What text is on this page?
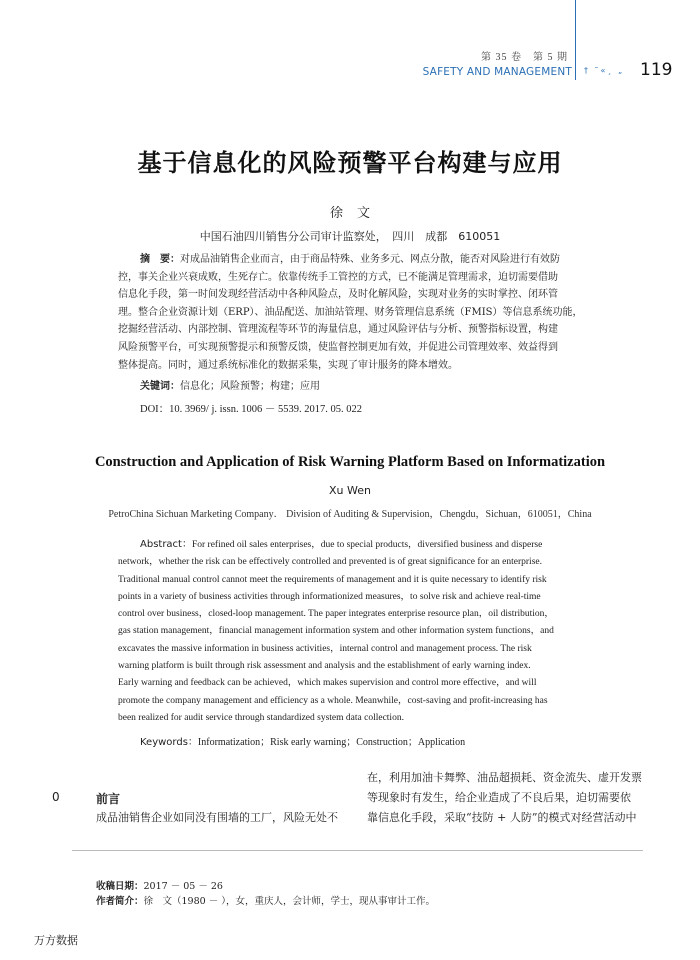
第 35 卷　第 5 期
SAFETY AND MANAGEMENT † ˜«¸ „ 119
基于信息化的风险预警平台构建与应用
徐文
中国石油四川销售分公司审计监察处，　四川　成都　610051
摘　要：对成品油销售企业而言，由于商品特殊、业务多元、网点分散，能否对风险进行有效防
控，事关企业兴衰成败，生死存亡。依靠传统手工管控的方式，已不能满足管理需求，迫切需要借助
信息化手段，第一时间发现经营活动中各种风险点，及时化解风险，实现对业务的实时掌控、闭环管
理。整合企业资源计划（ERP）、油品配送、加油站管理、财务管理信息系统（FMIS）等信息系统功能，
挖掘经营活动、内部控制、管理流程等环节的海量信息，通过风险评估与分析、预警指标设置，构建
风险预警平台，可实现预警提示和预警反馈，使监督控制更加有效，并促进公司管理效率、效益得到
整体提高。同时，通过系统标准化的数据采集，实现了审计服务的降本增效。
关键词：信息化；风险预警；构建；应用
DOI：10. 3969/ j. issn. 1006 － 5539. 2017. 05. 022
Construction and Application of Risk Warning Platform Based on Informatization
Xu Wen
PetroChina Sichuan Marketing Company． Division of Auditing & Supervision，Chengdu，Sichuan，610051，China
Abstract：For refined oil sales enterprises，due to special products，diversified business and disperse
network，whether the risk can be effectively controlled and prevented is of great significance for an enterprise.
Traditional manual control cannot meet the requirements of management and it is quite necessary to identify risk
points in a variety of business activities through informationized measures，to solve risk and achieve real-time
control over business，closed-loop management. The paper integrates enterprise resource plan，oil distribution，
gas station management，financial management information system and other information system functions，and
excavates the massive information in business activities，internal control and management process. The risk
warning platform is built through risk assessment and analysis and the establishment of early warning index.
Early warning and feedback can be achieved，which makes supervision and control more effective，and will
promote the company management and efficiency as a whole. Meanwhile，cost-saving and profit-increasing has
been realized for audit service through standardized system data collection.
Keywords：Informatization；Risk early warning；Construction；Application
0	前言
成品油销售企业如同没有围墙的工厂，风险无处不
在，利用加油卡舞弊、油品超损耗、资金流失、虚开发票
等现象时有发生，给企业造成了不良后果，迫切需要依
靠信息化手段，采取“技防 + 人防”的模式对经营活动中
收稿日期：2017 － 05 － 26
作者简介：徐　文（1980 － ），女，重庆人，会计师，学士，现从事审计工作。
万方数据
